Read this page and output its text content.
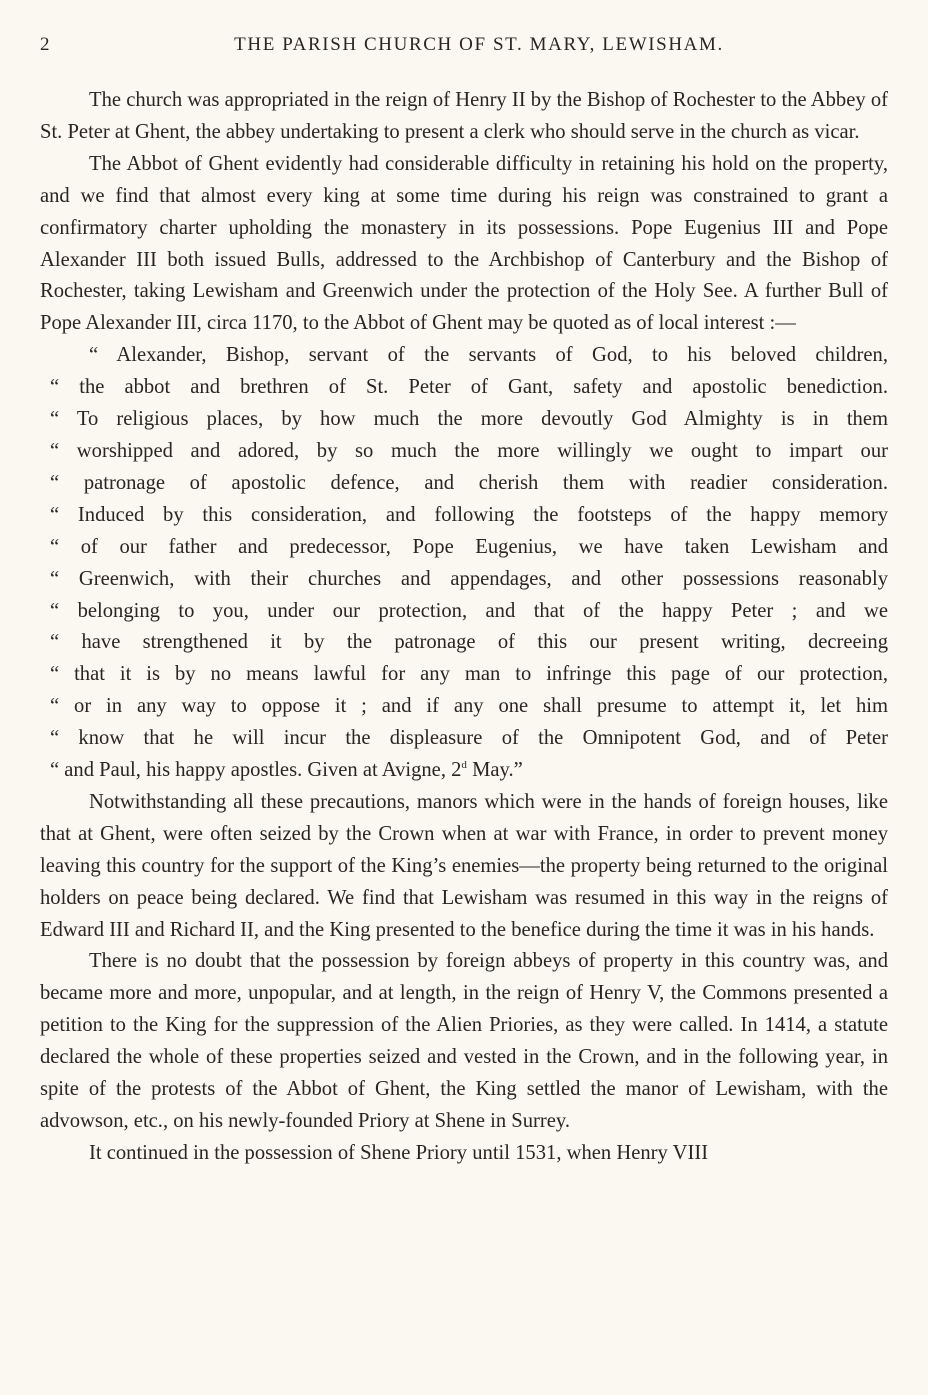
2	THE PARISH CHURCH OF ST. MARY, LEWISHAM.

The church was appropriated in the reign of Henry II by the Bishop of Rochester to the Abbey of St. Peter at Ghent, the abbey undertaking to present a clerk who should serve in the church as vicar.

The Abbot of Ghent evidently had considerable difficulty in retaining his hold on the property, and we find that almost every king at some time during his reign was constrained to grant a confirmatory charter upholding the monastery in its possessions. Pope Eugenius III and Pope Alexander III both issued Bulls, addressed to the Archbishop of Canterbury and the Bishop of Rochester, taking Lewisham and Greenwich under the protection of the Holy See. A further Bull of Pope Alexander III, circa 1170, to the Abbot of Ghent may be quoted as of local interest :—

“ Alexander, Bishop, servant of the servants of God, to his beloved children,

“ the abbot and brethren of St. Peter of Gant, safety and apostolic benediction.

“ To religious places, by how much the more devoutly God Almighty is in them

“ worshipped and adored, by so much the more willingly we ought to impart our

“ patronage of apostolic defence, and cherish them with readier consideration.

“ Induced by this consideration, and following the footsteps of the happy memory

“ of our father and predecessor, Pope Eugenius, we have taken Lewisham and

“ Greenwich, with their churches and appendages, and other possessions reasonably

“ belonging to you, under our protection, and that of the happy Peter ; and we

“ have strengthened it by the patronage of this our present writing, decreeing

“ that it is by no means lawful for any man to infringe this page of our protection,

“ or in any way to oppose it ; and if any one shall presume to attempt it, let him

“ know that he will incur the displeasure of the Omnipotent God, and of Peter

“ and Paul, his happy apostles. Given at Avigne, 2$^d$ May.”

Notwithstanding all these precautions, manors which were in the hands of foreign houses, like that at Ghent, were often seized by the Crown when at war with France, in order to prevent money leaving this country for the support of the King’s enemies—the property being returned to the original holders on peace being declared. We find that Lewisham was resumed in this way in the reigns of Edward III and Richard II, and the King presented to the benefice during the time it was in his hands.

There is no doubt that the possession by foreign abbeys of property in this country was, and became more and more, unpopular, and at length, in the reign of Henry V, the Commons presented a petition to the King for the suppression of the Alien Priories, as they were called. In 1414, a statute declared the whole of these properties seized and vested in the Crown, and in the following year, in spite of the protests of the Abbot of Ghent, the King settled the manor of Lewisham, with the advowson, etc., on his newly-founded Priory at Shene in Surrey.

It continued in the possession of Shene Priory until 1531, when Henry VIII
